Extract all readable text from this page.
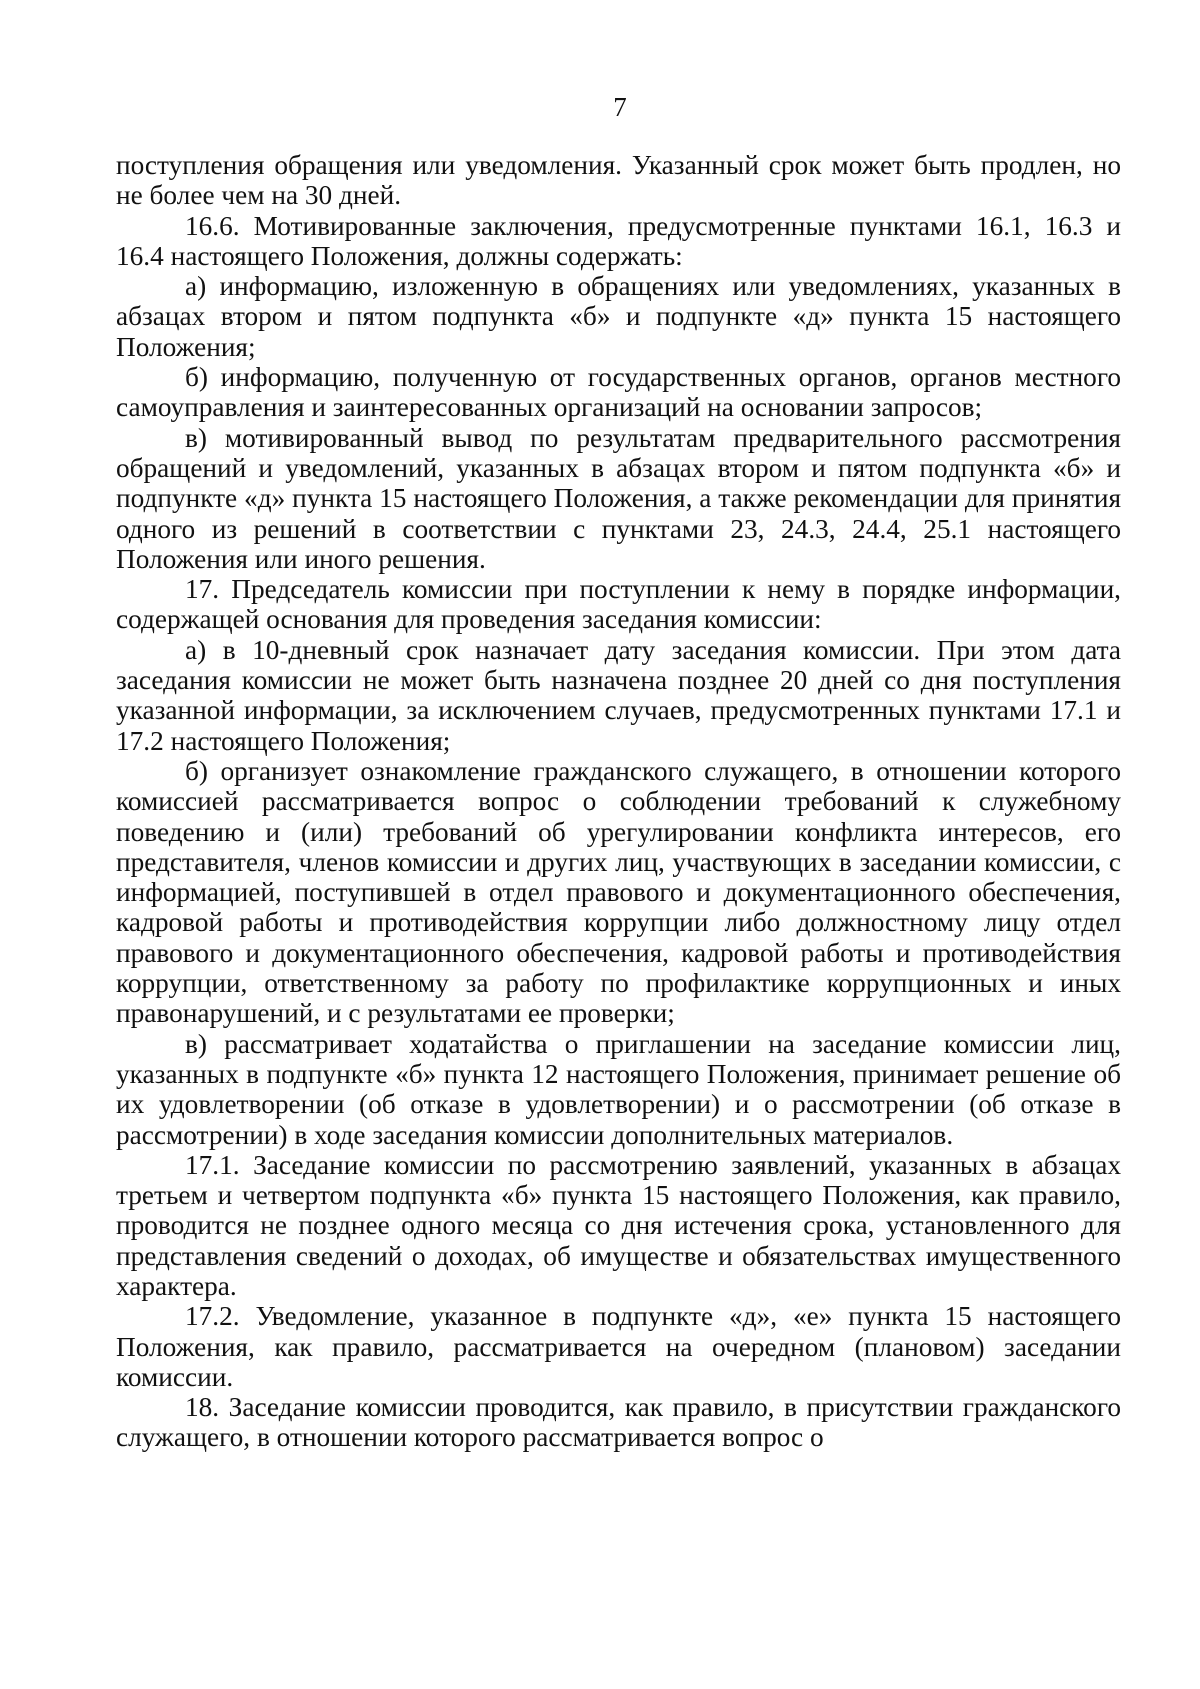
7

поступления обращения или уведомления. Указанный срок может быть продлен, но не более чем на 30 дней.

16.6. Мотивированные заключения, предусмотренные пунктами 16.1, 16.3 и 16.4 настоящего Положения, должны содержать:

а) информацию, изложенную в обращениях или уведомлениях, указанных в абзацах втором и пятом подпункта «б» и подпункте «д» пункта 15 настоящего Положения;

б) информацию, полученную от государственных органов, органов местного самоуправления и заинтересованных организаций на основании запросов;

в) мотивированный вывод по результатам предварительного рассмотрения обращений и уведомлений, указанных в абзацах втором и пятом подпункта «б» и подпункте «д» пункта 15 настоящего Положения, а также рекомендации для принятия одного из решений в соответствии с пунктами 23, 24.3, 24.4, 25.1 настоящего Положения или иного решения.

17. Председатель комиссии при поступлении к нему в порядке информации, содержащей основания для проведения заседания комиссии:

а) в 10-дневный срок назначает дату заседания комиссии. При этом дата заседания комиссии не может быть назначена позднее 20 дней со дня поступления указанной информации, за исключением случаев, предусмотренных пунктами 17.1 и 17.2 настоящего Положения;

б) организует ознакомление гражданского служащего, в отношении которого комиссией рассматривается вопрос о соблюдении требований к служебному поведению и (или) требований об урегулировании конфликта интересов, его представителя, членов комиссии и других лиц, участвующих в заседании комиссии, с информацией, поступившей в отдел правового и документационного обеспечения, кадровой работы и противодействия коррупции либо должностному лицу отдел правового и документационного обеспечения, кадровой работы и противодействия коррупции, ответственному за работу по профилактике коррупционных и иных правонарушений, и с результатами ее проверки;

в) рассматривает ходатайства о приглашении на заседание комиссии лиц, указанных в подпункте «б» пункта 12 настоящего Положения, принимает решение об их удовлетворении (об отказе в удовлетворении) и о рассмотрении (об отказе в рассмотрении) в ходе заседания комиссии дополнительных материалов.

17.1. Заседание комиссии по рассмотрению заявлений, указанных в абзацах третьем и четвертом подпункта «б» пункта 15 настоящего Положения, как правило, проводится не позднее одного месяца со дня истечения срока, установленного для представления сведений о доходах, об имуществе и обязательствах имущественного характера.

17.2. Уведомление, указанное в подпункте «д», «е» пункта 15 настоящего Положения, как правило, рассматривается на очередном (плановом) заседании комиссии.

18. Заседание комиссии проводится, как правило, в присутствии гражданского служащего, в отношении которого рассматривается вопрос о
